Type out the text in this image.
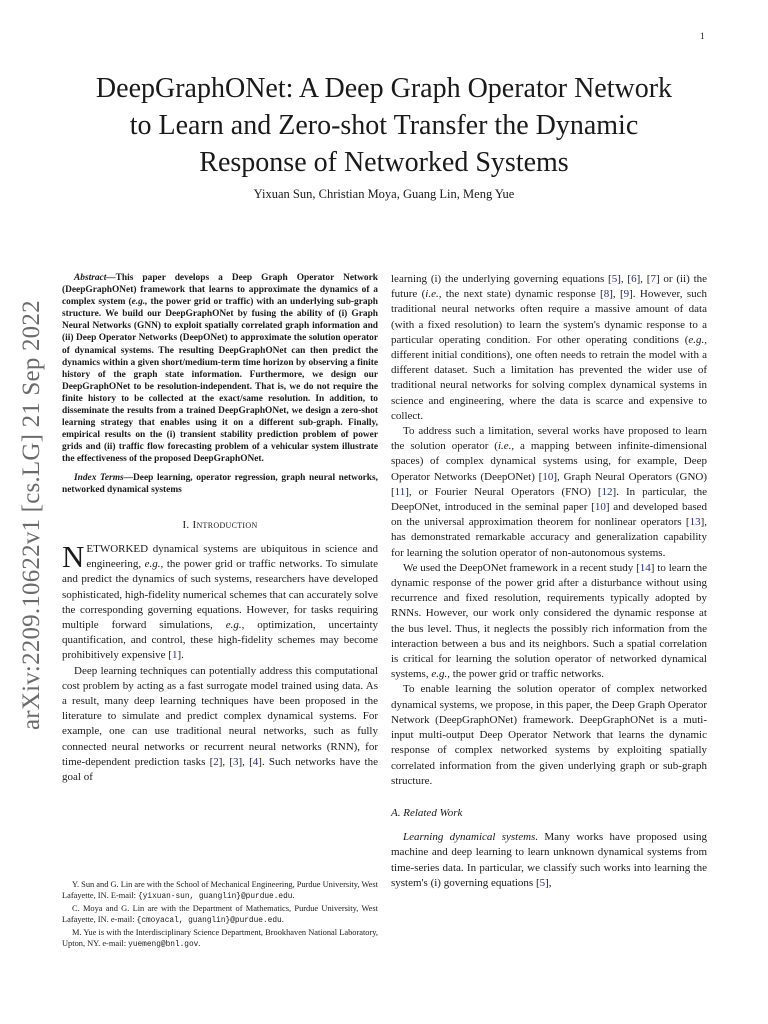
1
arXiv:2209.10622v1 [cs.LG] 21 Sep 2022
DeepGraphONet: A Deep Graph Operator Network
to Learn and Zero-shot Transfer the Dynamic
Response of Networked Systems
Yixuan Sun, Christian Moya, Guang Lin, Meng Yue

Abstract—This paper develops a Deep Graph Operator Network (DeepGraphONet) framework that learns to approximate the dynamics of a complex system (e.g., the power grid or traffic) with an underlying sub-graph structure. We build our DeepGraphONet by fusing the ability of (i) Graph Neural Networks (GNN) to exploit spatially correlated graph information and (ii) Deep Operator Networks (DeepONet) to approximate the solution operator of dynamical systems. The resulting DeepGraphONet can then predict the dynamics within a given short/medium-term time horizon by observing a finite history of the graph state information. Furthermore, we design our DeepGraphONet to be resolution-independent. That is, we do not require the finite history to be collected at the exact/same resolution. In addition, to disseminate the results from a trained DeepGraphONet, we design a zero-shot learning strategy that enables using it on a different sub-graph. Finally, empirical results on the (i) transient stability prediction problem of power grids and (ii) traffic flow forecasting problem of a vehicular system illustrate the effectiveness of the proposed DeepGraphONet.

Index Terms—Deep learning, operator regression, graph neural networks, networked dynamical systems

I. Introduction

NETWORKED dynamical systems are ubiquitous in science and engineering, e.g., the power grid or traffic networks. To simulate and predict the dynamics of such systems, researchers have developed sophisticated, high-fidelity numerical schemes that can accurately solve the corresponding governing equations. However, for tasks requiring multiple forward simulations, e.g., optimization, uncertainty quantification, and control, these high-fidelity schemes may become prohibitively expensive [1].

Deep learning techniques can potentially address this computational cost problem by acting as a fast surrogate model trained using data. As a result, many deep learning techniques have been proposed in the literature to simulate and predict complex dynamical systems. For example, one can use traditional neural networks, such as fully connected neural networks or recurrent neural networks (RNN), for time-dependent prediction tasks [2], [3], [4]. Such networks have the goal of

Y. Sun and G. Lin are with the School of Mechanical Engineering, Purdue University, West Lafayette, IN. E-mail: {yixuan-sun, guanglin}@purdue.edu.

C. Moya and G. Lin are with the Department of Mathematics, Purdue University, West Lafayette, IN. e-mail: {cmoyacal, guanglin}@purdue.edu.

M. Yue is with the Interdisciplinary Science Department, Brookhaven National Laboratory, Upton, NY. e-mail: yuemeng@bnl.gov.

learning (i) the underlying governing equations [5], [6], [7] or (ii) the future (i.e., the next state) dynamic response [8], [9]. However, such traditional neural networks often require a massive amount of data (with a fixed resolution) to learn the system's dynamic response to a particular operating condition. For other operating conditions (e.g., different initial conditions), one often needs to retrain the model with a different dataset. Such a limitation has prevented the wider use of traditional neural networks for solving complex dynamical systems in science and engineering, where the data is scarce and expensive to collect.

To address such a limitation, several works have proposed to learn the solution operator (i.e., a mapping between infinite-dimensional spaces) of complex dynamical systems using, for example, Deep Operator Networks (DeepONet) [10], Graph Neural Operators (GNO) [11], or Fourier Neural Operators (FNO) [12]. In particular, the DeepONet, introduced in the seminal paper [10] and developed based on the universal approximation theorem for nonlinear operators [13], has demonstrated remarkable accuracy and generalization capability for learning the solution operator of non-autonomous systems.

We used the DeepONet framework in a recent study [14] to learn the dynamic response of the power grid after a disturbance without using recurrence and fixed resolution, requirements typically adopted by RNNs. However, our work only considered the dynamic response at the bus level. Thus, it neglects the possibly rich information from the interaction between a bus and its neighbors. Such a spatial correlation is critical for learning the solution operator of networked dynamical systems, e.g., the power grid or traffic networks.

To enable learning the solution operator of complex networked dynamical systems, we propose, in this paper, the Deep Graph Operator Network (DeepGraphONet) framework. DeepGraphONet is a muti-input multi-output Deep Operator Network that learns the dynamic response of complex networked systems by exploiting spatially correlated information from the given underlying graph or sub-graph structure.

A. Related Work

Learning dynamical systems. Many works have proposed using machine and deep learning to learn unknown dynamical systems from time-series data. In particular, we classify such works into learning the system's (i) governing equations [5],
